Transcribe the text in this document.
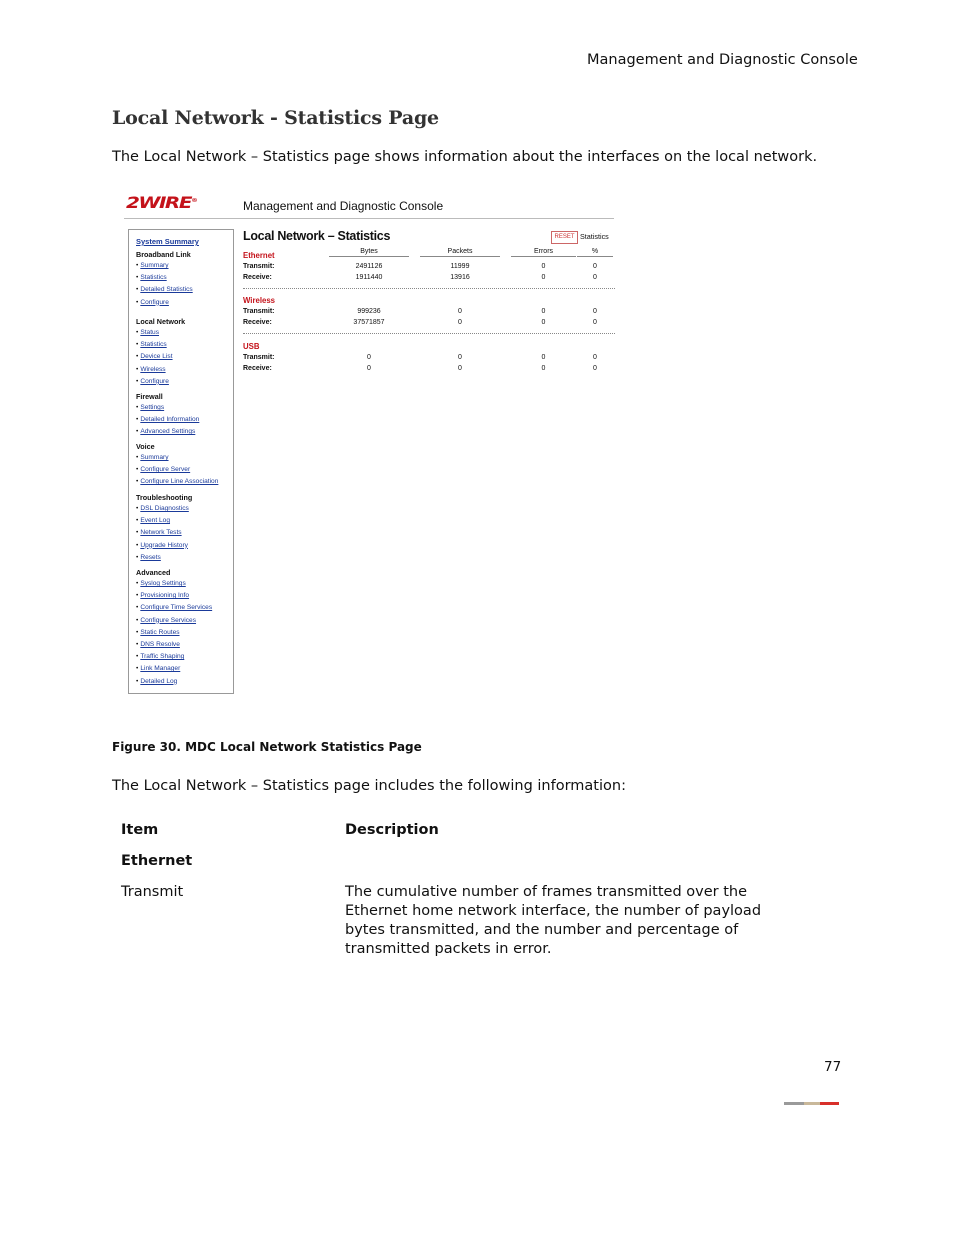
Management and Diagnostic Console
Local Network - Statistics Page
The Local Network – Statistics page shows information about the interfaces on the local network.
2WIRE®	Management and Diagnostic Console
System Summary
Broadband Link
• Summary
• Statistics
• Detailed Statistics
• Configure
Local Network
• Status
• Statistics
• Device List
• Wireless
• Configure
Firewall
• Settings
• Detailed Information
• Advanced Settings
Voice
• Summary
• Configure Server
• Configure Line Association
Troubleshooting
• DSL Diagnostics
• Event Log
• Network Tests
• Upgrade History
• Resets
Advanced
• Syslog Settings
• Provisioning Info
• Configure Time Services
• Configure Services
• Static Routes
• DNS Resolve
• Traffic Shaping
• Link Manager
• Detailed Log
Local Network – Statistics	RESET Statistics
Bytes	Packets	Errors	%
Ethernet
Transmit:	2491126	11999	0	0
Receive:	1911440	13916	0	0
Wireless
Transmit:	999236	0	0	0
Receive:	37571857	0	0	0
USB
Transmit:	0	0	0	0
Receive:	0	0	0	0
Figure 30. MDC Local Network Statistics Page
The Local Network – Statistics page includes the following information:
Item	Description
Ethernet
Transmit	The cumulative number of frames transmitted over the
Ethernet home network interface, the number of payload
bytes transmitted, and the number and percentage of
transmitted packets in error.
77
